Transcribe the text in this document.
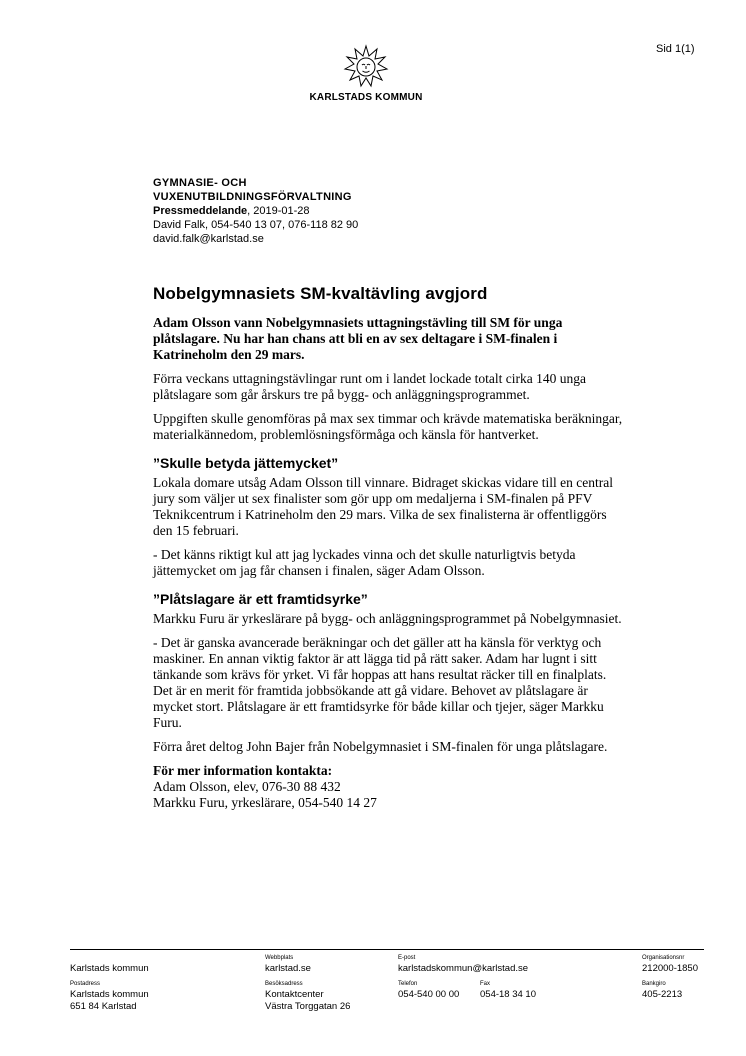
Sid 1(1)
KARLSTADS KOMMUN
GYMNASIE- OCH
VUXENUTBILDNINGSFÖRVALTNING
Pressmeddelande, 2019-01-28
David Falk, 054-540 13 07, 076-118 82 90
david.falk@karlstad.se
Nobelgymnasiets SM-kvaltävling avgjord

Adam Olsson vann Nobelgymnasiets uttagningstävling till SM för unga plåtslagare. Nu har han chans att bli en av sex deltagare i SM-finalen i Katrineholm den 29 mars.

Förra veckans uttagningstävlingar runt om i landet lockade totalt cirka 140 unga plåtslagare som går årskurs tre på bygg- och anläggningsprogrammet.

Uppgiften skulle genomföras på max sex timmar och krävde matematiska beräkningar, materialkännedom, problemlösningsförmåga och känsla för hantverket.

”Skulle betyda jättemycket”

Lokala domare utsåg Adam Olsson till vinnare. Bidraget skickas vidare till en central jury som väljer ut sex finalister som gör upp om medaljerna i SM-finalen på PFV Teknikcentrum i Katrineholm den 29 mars. Vilka de sex finalisterna är offentliggörs den 15 februari.

- Det känns riktigt kul att jag lyckades vinna och det skulle naturligtvis betyda jättemycket om jag får chansen i finalen, säger Adam Olsson.

”Plåtslagare är ett framtidsyrke”

Markku Furu är yrkeslärare på bygg- och anläggningsprogrammet på Nobelgymnasiet.

- Det är ganska avancerade beräkningar och det gäller att ha känsla för verktyg och maskiner. En annan viktig faktor är att lägga tid på rätt saker. Adam har lugnt i sitt tänkande som krävs för yrket. Vi får hoppas att hans resultat räcker till en finalplats. Det är en merit för framtida jobbsökande att gå vidare. Behovet av plåtslagare är mycket stort. Plåtslagare är ett framtidsyrke för både killar och tjejer, säger Markku Furu.

Förra året deltog John Bajer från Nobelgymnasiet i SM-finalen för unga plåtslagare.

För mer information kontakta:
Adam Olsson, elev, 076-30 88 432
Markku Furu, yrkeslärare, 054-540 14 27

Karlstads kommun
Webbplats
karlstad.se
E-post
karlstadskommun@karlstad.se
Organisationsnr
212000-1850
Postadress
Karlstads kommun
651 84 Karlstad
Besöksadress
Kontaktcenter
Västra Torggatan 26
Telefon
054-540 00 00
Fax
054-18 34 10
Bankgiro
405-2213
